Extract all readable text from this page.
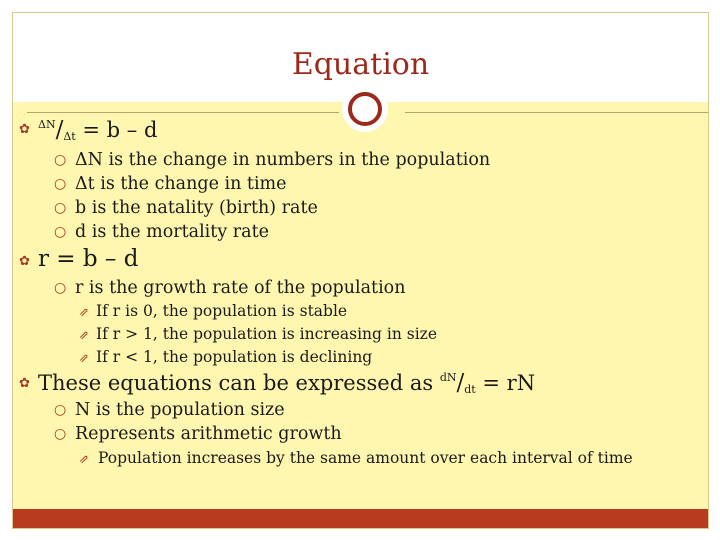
Equation
✿ $^{\Delta N}/_{\Delta t} = b - d$
○ ΔN is the change in numbers in the population
○ Δt is the change in time
○ b is the natality (birth) rate
○ d is the mortality rate
✿ r = b – d
○ r is the growth rate of the population
⇗ If r is 0, the population is stable
⇗ If r > 1, the population is increasing in size
⇗ If r < 1, the population is declining
✿ These equations can be expressed as $^{dN}/_{dt}$ = rN
○ N is the population size
○ Represents arithmetic growth
⇗ Population increases by the same amount over each interval of time
